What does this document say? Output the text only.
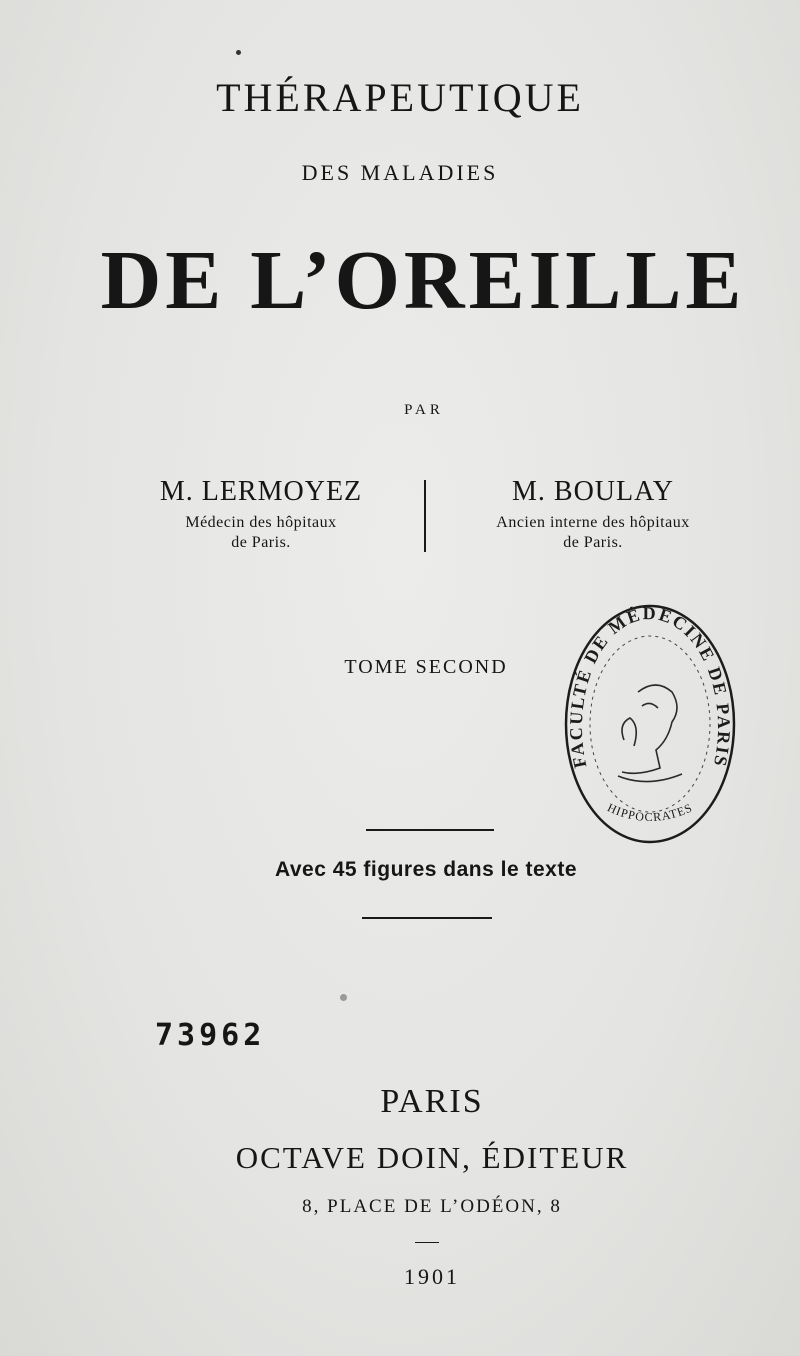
THÉRAPEUTIQUE
DES MALADIES
DE L’OREILLE
PAR
M. LERMOYEZ
Médecin des hôpitaux
de Paris.
M. BOULAY
Ancien interne des hôpitaux
de Paris.
TOME SECOND
FACULTÉ DE MÉDECINE DE PARIS
HIPPOCRATES
Avec 45 figures dans le texte
73962
PARIS
OCTAVE DOIN, ÉDITEUR
8, PLACE DE L’ODÉON, 8
1901
